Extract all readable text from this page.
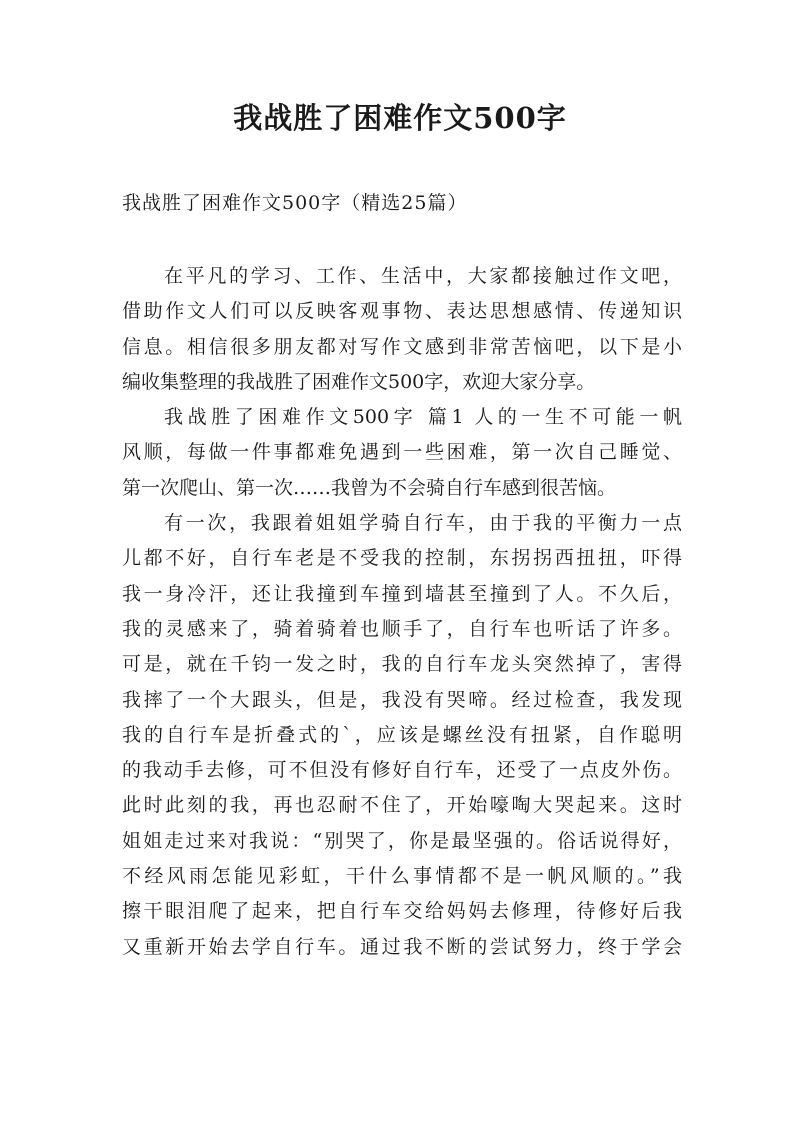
我战胜了困难作文500字
我战胜了困难作文500字（精选25篇）
在平凡的学习、工作、生活中，大家都接触过作文吧，
借助作文人们可以反映客观事物、表达思想感情、传递知识
信息。相信很多朋友都对写作文感到非常苦恼吧，以下是小
编收集整理的我战胜了困难作文500字，欢迎大家分享。
我战胜了困难作文500字 篇1 人的一生不可能一帆
风顺，每做一件事都难免遇到一些困难，第一次自己睡觉、
第一次爬山、第一次……我曾为不会骑自行车感到很苦恼。
有一次，我跟着姐姐学骑自行车，由于我的平衡力一点
儿都不好，自行车老是不受我的控制，东拐拐西扭扭，吓得
我一身冷汗，还让我撞到车撞到墙甚至撞到了人。不久后，
我的灵感来了，骑着骑着也顺手了，自行车也听话了许多。
可是，就在千钧一发之时，我的自行车龙头突然掉了，害得
我摔了一个大跟头，但是，我没有哭啼。经过检查，我发现
我的自行车是折叠式的`，应该是螺丝没有扭紧，自作聪明
的我动手去修，可不但没有修好自行车，还受了一点皮外伤。
此时此刻的我，再也忍耐不住了，开始嚎啕大哭起来。这时
姐姐走过来对我说：“别哭了，你是最坚强的。俗话说得好，
不经风雨怎能见彩虹，干什么事情都不是一帆风顺的。”我
擦干眼泪爬了起来，把自行车交给妈妈去修理，待修好后我
又重新开始去学自行车。通过我不断的尝试努力，终于学会
